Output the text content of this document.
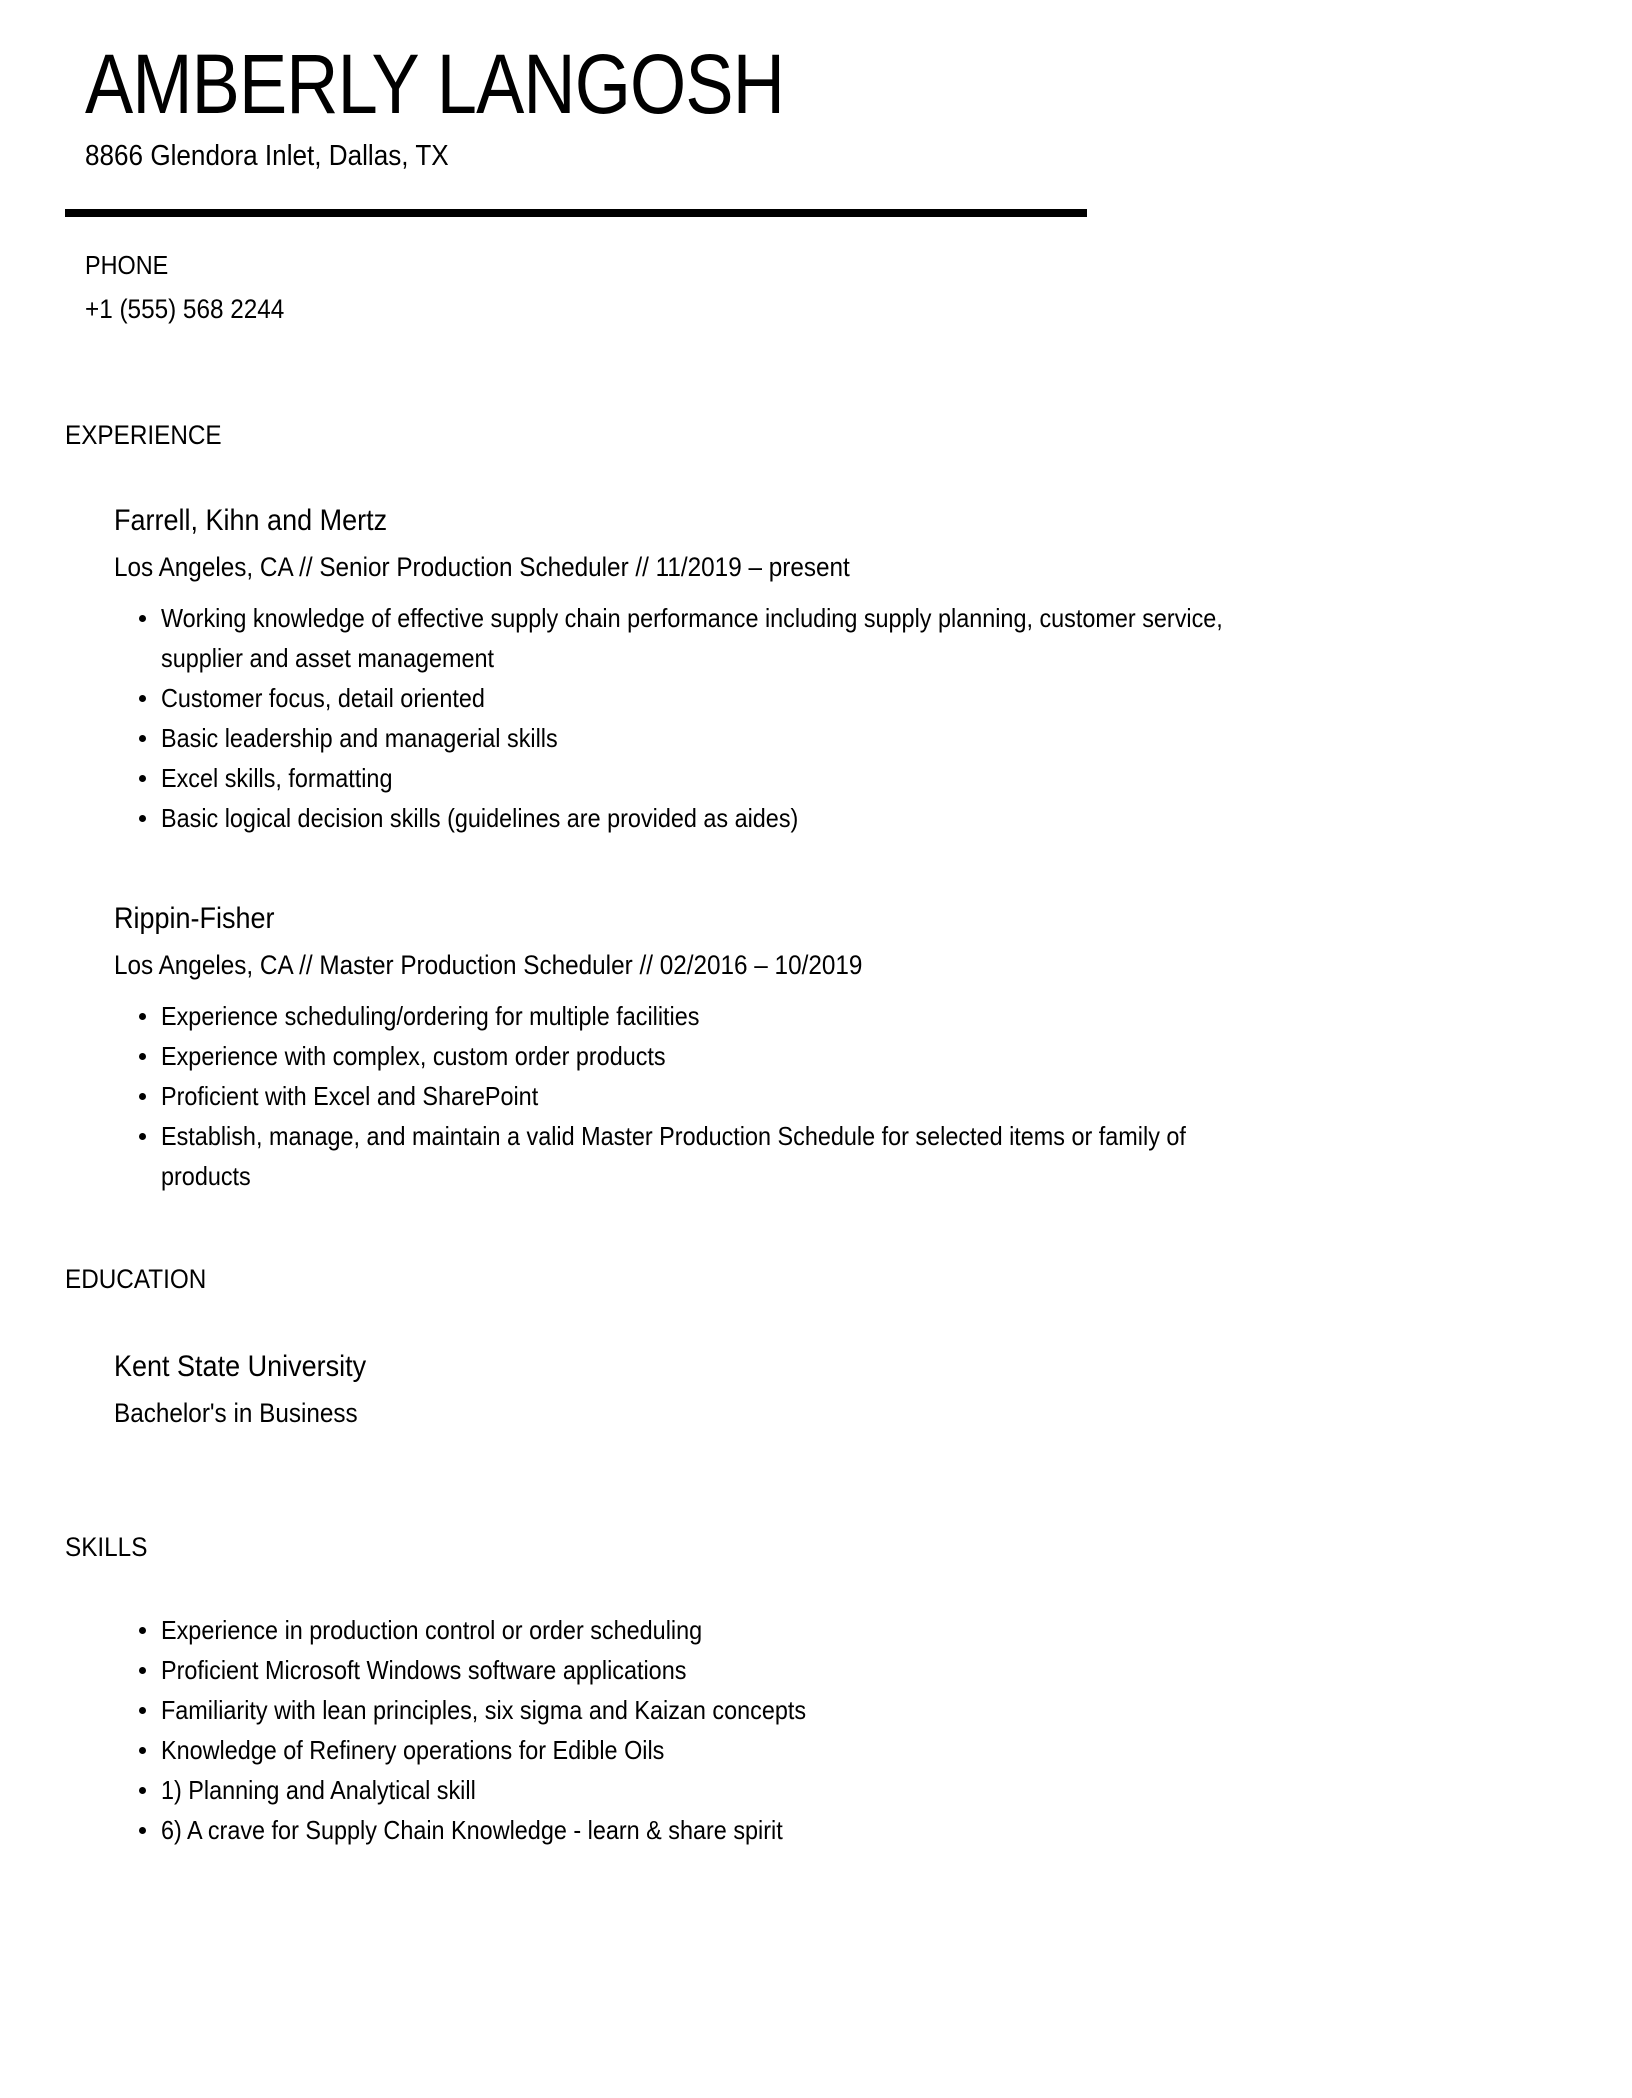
AMBERLY LANGOSH
8866 Glendora Inlet, Dallas, TX
PHONE
+1 (555) 568 2244
EXPERIENCE
Farrell, Kihn and Mertz
Los Angeles, CA // Senior Production Scheduler // 11/2019 – present
Working knowledge of effective supply chain performance including supply planning, customer service, supplier and asset management
Customer focus, detail oriented
Basic leadership and managerial skills
Excel skills, formatting
Basic logical decision skills (guidelines are provided as aides)
Rippin-Fisher
Los Angeles, CA // Master Production Scheduler // 02/2016 – 10/2019
Experience scheduling/ordering for multiple facilities
Experience with complex, custom order products
Proficient with Excel and SharePoint
Establish, manage, and maintain a valid Master Production Schedule for selected items or family of products
EDUCATION
Kent State University
Bachelor's in Business
SKILLS
Experience in production control or order scheduling
Proficient Microsoft Windows software applications
Familiarity with lean principles, six sigma and Kaizan concepts
Knowledge of Refinery operations for Edible Oils
1) Planning and Analytical skill
6) A crave for Supply Chain Knowledge - learn & share spirit
